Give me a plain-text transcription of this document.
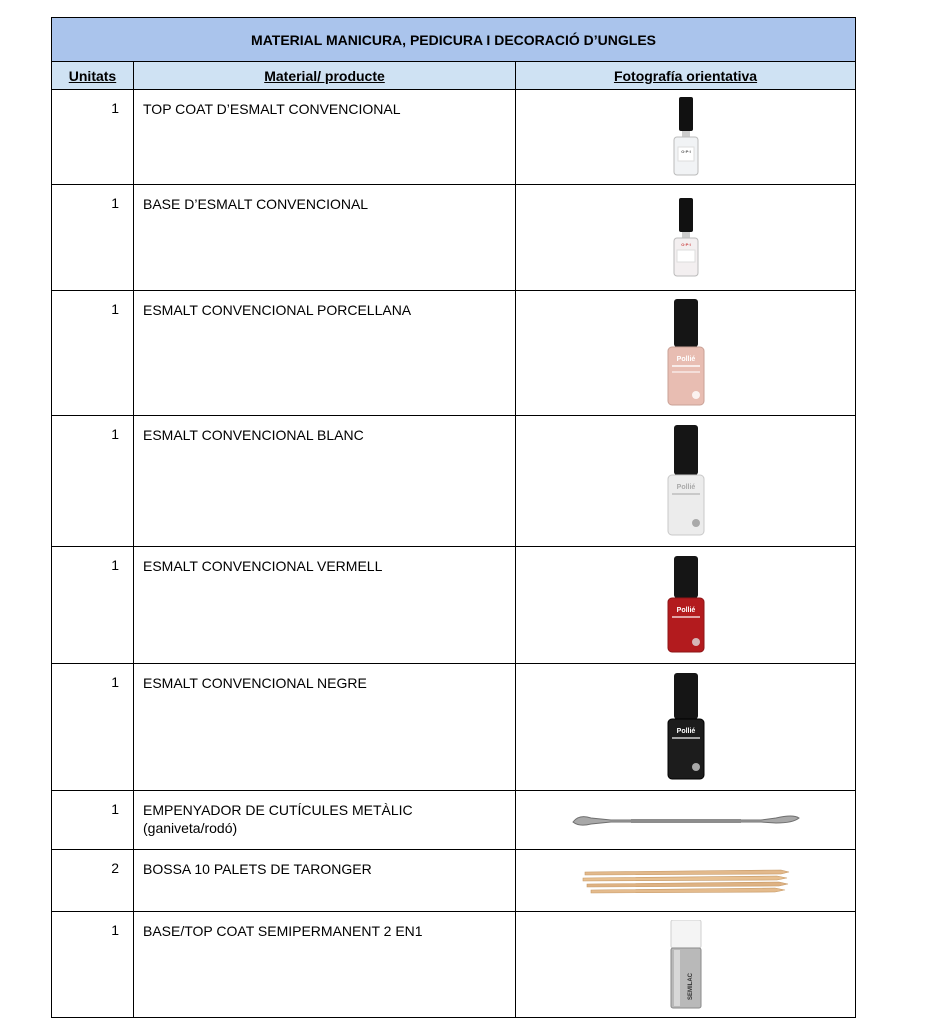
MATERIAL MANICURA, PEDICURA I DECORACIÓ D’UNGLES		
Unitats	Material/ producte	Fotografía orientativa
1	TOP COAT D’ESMALT CONVENCIONAL	O·P·I

1	BASE D’ESMALT CONVENCIONAL	O·P·I

1	ESMALT CONVENCIONAL PORCELLANA	Pollié

1	ESMALT CONVENCIONAL BLANC	Pollié

1	ESMALT CONVENCIONAL VERMELL	Pollié

1	ESMALT CONVENCIONAL NEGRE	Pollié

1	EMPENYADOR DE CUTÍCULES METÀLIC
(ganiveta/rodó)

2	BOSSA 10 PALETS DE TARONGER	
1	BASE/TOP COAT SEMIPERMANENT 2 EN1	SEMILAC
